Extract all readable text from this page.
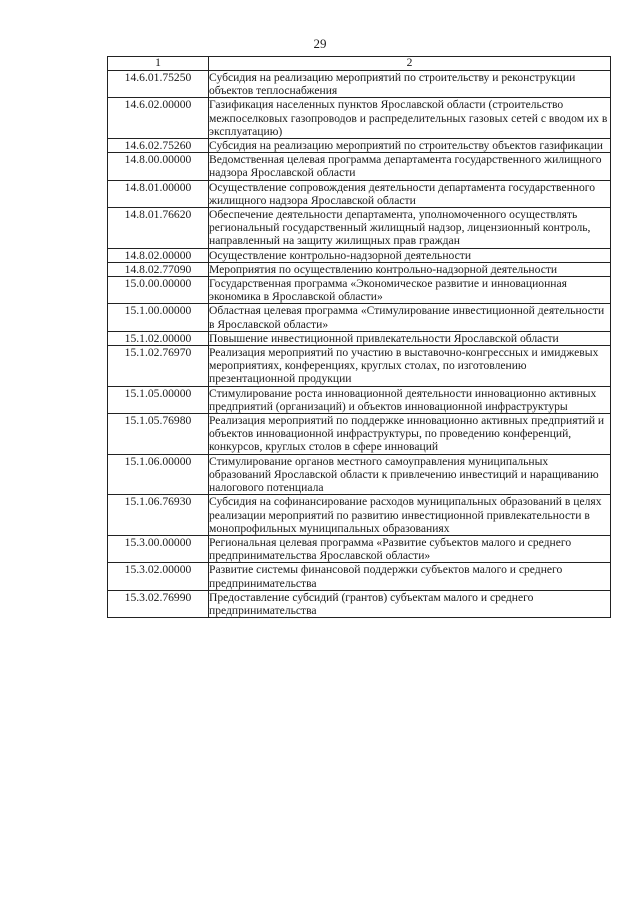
29
1	2
14.6.01.75250	Субсидия на реализацию мероприятий по строительству и реконструкции объектов теплоснабжения
14.6.02.00000	Газификация населенных пунктов Ярославской области (строительство межпоселковых газопроводов и распределительных газовых сетей с вводом их в эксплуатацию)
14.6.02.75260	Субсидия на реализацию мероприятий по строительству объектов газификации
14.8.00.00000	Ведомственная целевая программа департамента государственного жилищного надзора Ярославской области
14.8.01.00000	Осуществление сопровождения деятельности департамента государственного жилищного надзора Ярославской области
14.8.01.76620	Обеспечение деятельности департамента, уполномоченного осуществлять региональный государственный жилищный надзор, лицензионный контроль, направленный на защиту жилищных прав граждан
14.8.02.00000	Осуществление контрольно-надзорной деятельности
14.8.02.77090	Мероприятия по осуществлению контрольно-надзорной деятельности
15.0.00.00000	Государственная программа «Экономическое развитие и инновационная экономика в Ярославской области»
15.1.00.00000	Областная целевая программа «Стимулирование инвестиционной деятельности в Ярославской области»
15.1.02.00000	Повышение инвестиционной привлекательности Ярославской области
15.1.02.76970	Реализация мероприятий по участию в выставочно-конгрессных и имиджевых мероприятиях, конференциях, круглых столах, по изготовлению презентационной продукции
15.1.05.00000	Стимулирование роста инновационной деятельности инновационно активных предприятий (организаций) и объектов инновационной инфраструктуры
15.1.05.76980	Реализация мероприятий по поддержке инновационно активных предприятий и объектов инновационной инфраструктуры, по проведению конференций, конкурсов, круглых столов в сфере инноваций
15.1.06.00000	Стимулирование органов местного самоуправления муниципальных образований Ярославской области к привлечению инвестиций и наращиванию налогового потенциала
15.1.06.76930	Субсидия на софинансирование расходов муниципальных образований в целях реализации мероприятий по развитию инвестиционной привлекательности в монопрофильных муниципальных образованиях
15.3.00.00000	Региональная целевая программа «Развитие субъектов малого и среднего предпринимательства Ярославской области»
15.3.02.00000	Развитие системы финансовой поддержки субъектов малого и среднего предпринимательства
15.3.02.76990	Предоставление субсидий (грантов) субъектам малого и среднего предпринимательства
